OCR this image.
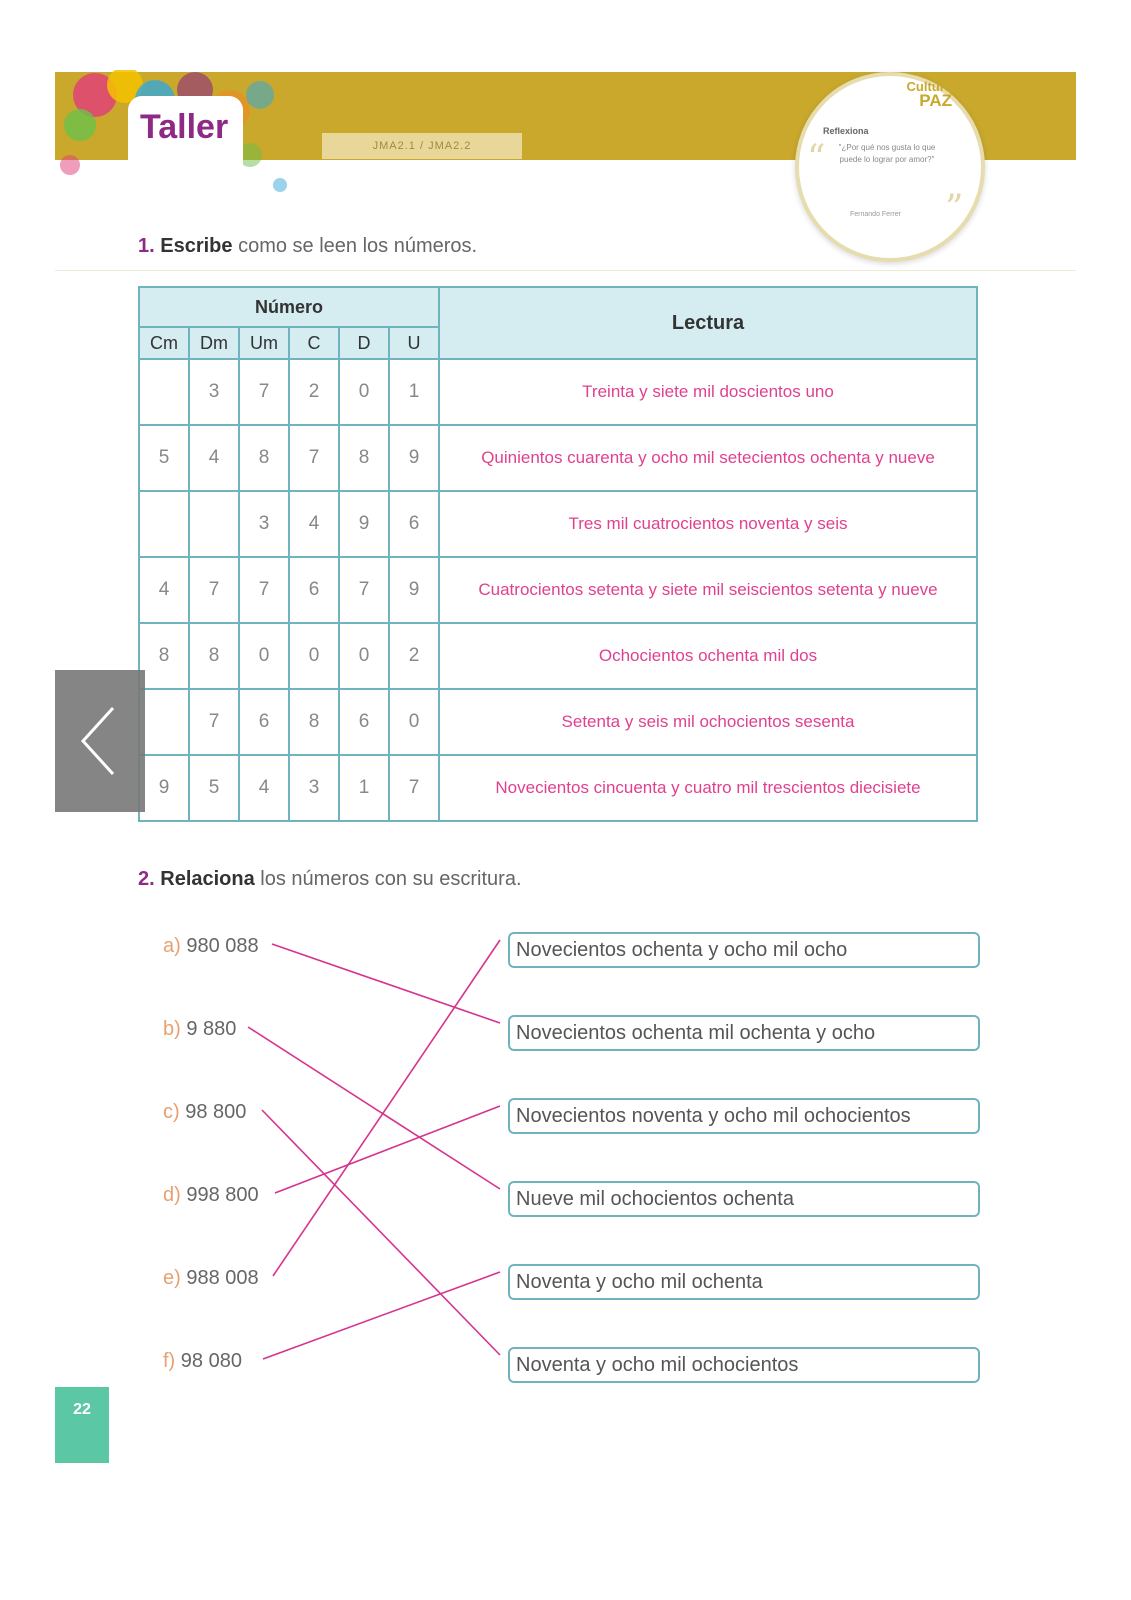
Taller	JMA2.1 / JMA2.2
Cultura
PAZ
Reflexiona
"¿Por qué nos gusta lo que puede lo lograr por amor?"
Fernando Ferrer
“
”
1. Escribe como se leen los números.
Número						Lectura
Cm	Dm	Um	C	D	U	
	3	7	2	0	1	Treinta y siete mil doscientos uno
5	4	8	7	8	9	Quinientos cuarenta y ocho mil setecientos ochenta y nueve
		3	4	9	6	Tres mil cuatrocientos noventa y seis
4	7	7	6	7	9	Cuatrocientos setenta y siete mil seiscientos setenta y nueve
8	8	0	0	0	2	Ochocientos ochenta mil dos
	7	6	8	6	0	Setenta y seis mil ochocientos sesenta
9	5	4	3	1	7	Novecientos cincuenta y cuatro mil trescientos diecisiete
2. Relaciona los números con su escritura.
a) 980 088
b) 9 880
c) 98 800
d) 998 800
e) 988 008
f) 98 080
Novecientos ochenta y ocho mil ocho
Novecientos ochenta mil ochenta y ocho
Novecientos noventa y ocho mil ochocientos
Nueve mil ochocientos ochenta
Noventa y ocho mil ochenta
Noventa y ocho mil ochocientos
22
